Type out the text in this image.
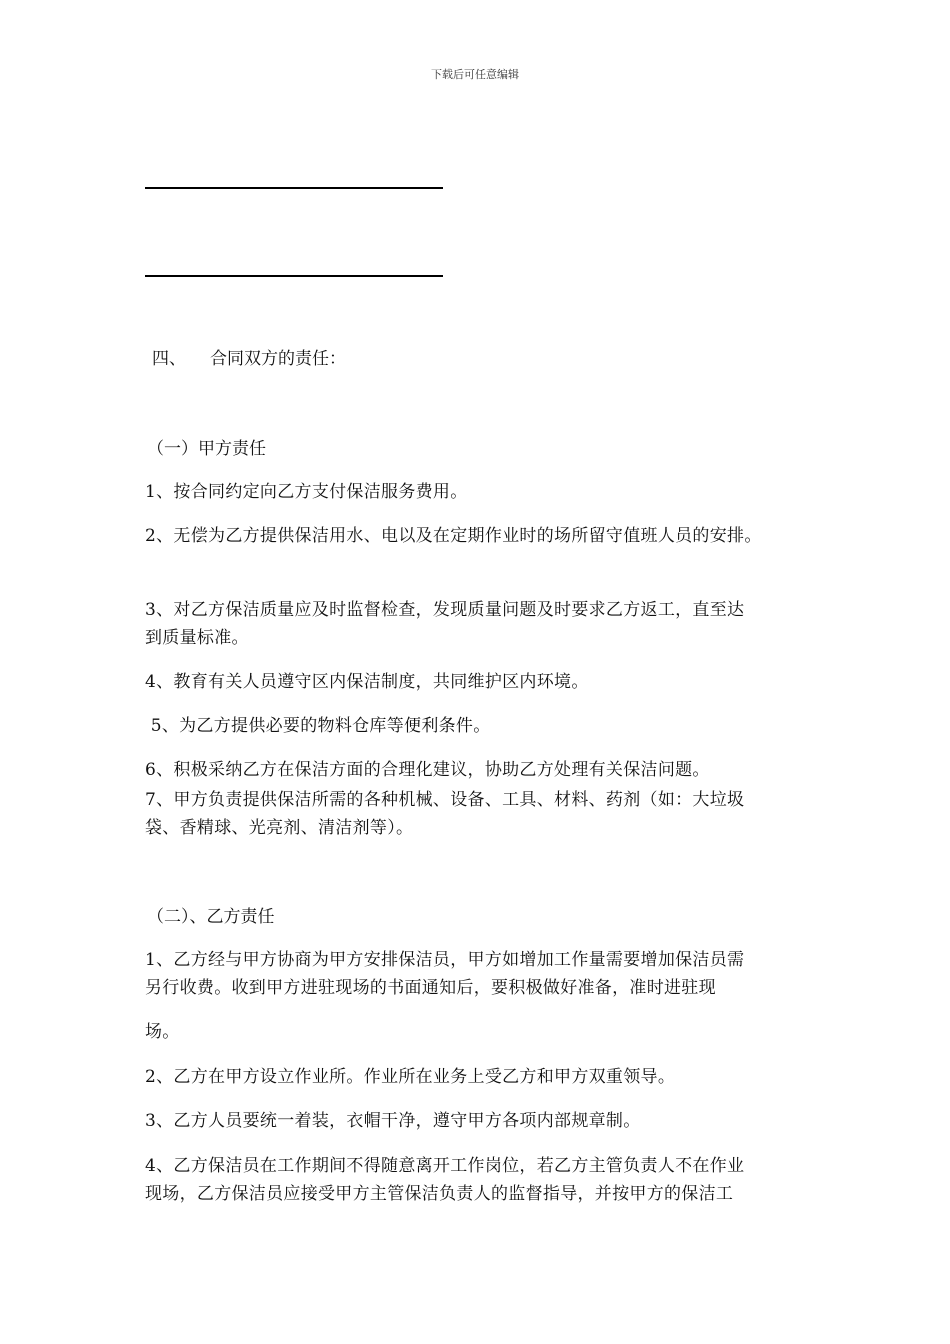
下载后可任意编辑
四、 合同双方的责任：
（一）甲方责任
1、按合同约定向乙方支付保洁服务费用。
2、无偿为乙方提供保洁用水、电以及在定期作业时的场所留守值班人员的安排。
3、对乙方保洁质量应及时监督检查，发现质量问题及时要求乙方返工，直至达
到质量标准。
4、教育有关人员遵守区内保洁制度，共同维护区内环境。
5、为乙方提供必要的物料仓库等便利条件。
6、积极采纳乙方在保洁方面的合理化建议，协助乙方处理有关保洁问题。
7、甲方负责提供保洁所需的各种机械、设备、工具、材料、药剂（如：大垃圾
袋、香精球、光亮剂、清洁剂等）。
（二）、乙方责任
1、乙方经与甲方协商为甲方安排保洁员，甲方如增加工作量需要增加保洁员需
另行收费。收到甲方进驻现场的书面通知后，要积极做好准备，准时进驻现
场。
2、乙方在甲方设立作业所。作业所在业务上受乙方和甲方双重领导。
3、乙方人员要统一着装，衣帽干净，遵守甲方各项内部规章制。
4、乙方保洁员在工作期间不得随意离开工作岗位，若乙方主管负责人不在作业
现场，乙方保洁员应接受甲方主管保洁负责人的监督指导，并按甲方的保洁工
